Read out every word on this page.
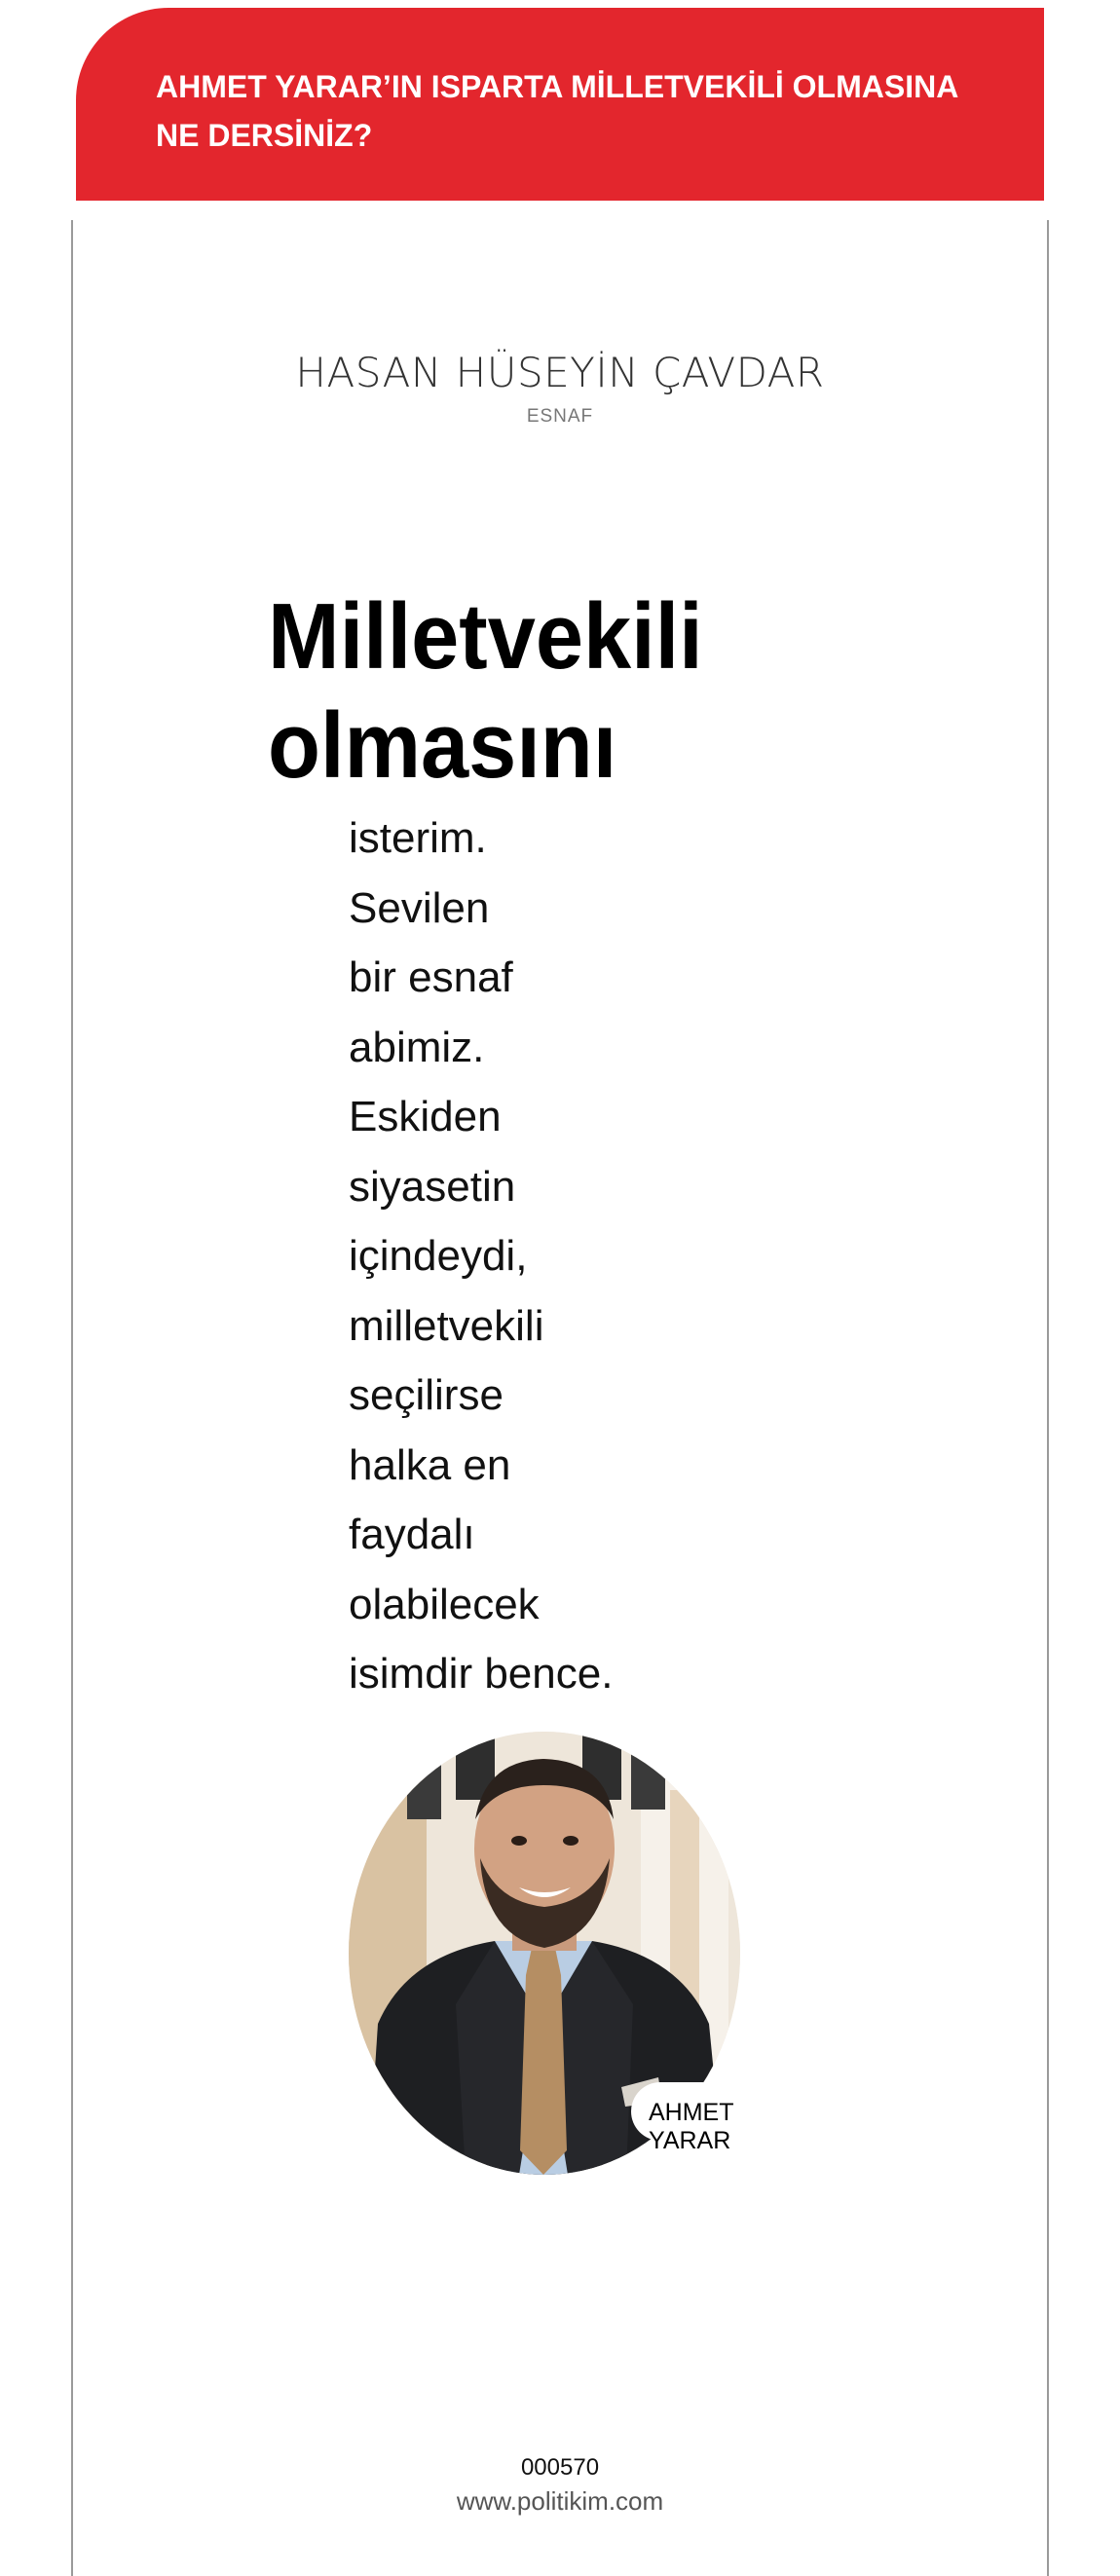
AHMET YARAR’IN ISPARTA MİLLETVEKİLİ OLMASINA
NE DERSİNİZ?

HASAN HÜSEYİN ÇAVDAR
ESNAF
Milletvekili
olmasını
isterim.
Sevilen
bir esnaf
abimiz.
Eskiden
siyasetin
içindeydi,
milletvekili
seçilirse
halka en
faydalı
olabilecek
isimdir bence.
AHMET YARAR
000570
www.politikim.com
